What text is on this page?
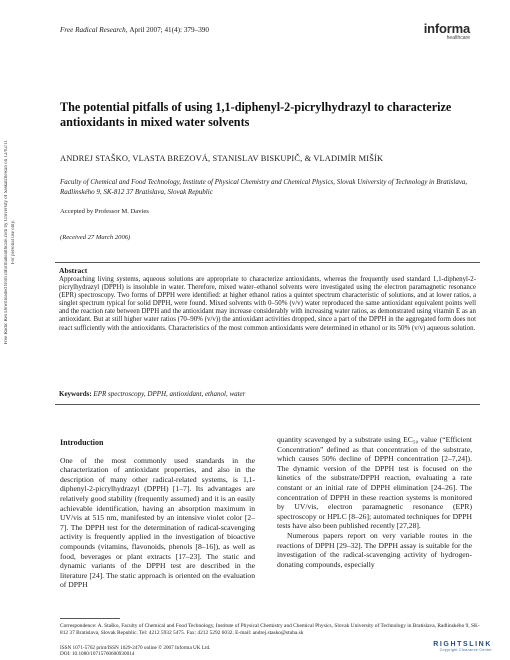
Free Radical Research, April 2007; 41(4): 379–390	informa
healthcare
Free Radic Res Downloaded from informahealthcare.com by University of Saskatchewan on 12/02/11 For personal use only.
The potential pitfalls of using 1,1-diphenyl-2-picrylhydrazyl to characterize antioxidants in mixed water solvents
ANDREJ STAŠKO, VLASTA BREZOVÁ, STANISLAV BISKUPIČ, & VLADIMÍR MIŠÍK
Faculty of Chemical and Food Technology, Institute of Physical Chemistry and Chemical Physics, Slovak University of Technology in Bratislava, Radlinského 9, SK-812 37 Bratislava, Slovak Republic
Accepted by Professor M. Davies
(Received 27 March 2006)
Abstract

Approaching living systems, aqueous solutions are appropriate to characterize antioxidants, whereas the frequently used standard 1,1-diphenyl-2-picrylhydrazyl (DPPH) is insoluble in water. Therefore, mixed water–ethanol solvents were investigated using the electron paramagnetic resonance (EPR) spectroscopy. Two forms of DPPH were identified: at higher ethanol ratios a quintet spectrum characteristic of solutions, and at lower ratios, a singlet spectrum typical for solid DPPH, were found. Mixed solvents with 0–50% (v/v) water reproduced the same antioxidant equivalent points well and the reaction rate between DPPH and the antioxidant may increase considerably with increasing water ratios, as demonstrated using vitamin E as an antioxidant. But at still higher water ratios (70–90% (v/v)) the antioxidant activities dropped, since a part of the DPPH in the aggregated form does not react sufficiently with the antioxidants. Characteristics of the most common antioxidants were determined in ethanol or its 50% (v/v) aqueous solution.

Keywords: EPR spectroscopy, DPPH, antioxidant, ethanol, water
Introduction

One of the most commonly used standards in the characterization of antioxidant properties, and also in the description of many other radical-related systems, is 1,1-diphenyl-2-picrylhydrazyl (DPPH) [1–7]. Its advantages are relatively good stability (frequently assumed) and it is an easily achievable identification, having an absorption maximum in UV/vis at 515 nm, manifested by an intensive violet color [2–7]. The DPPH test for the determination of radical-scavenging activity is frequently applied in the investigation of bioactive compounds (vitamins, flavonoids, phenols [8–16]), as well as food, beverages or plant extracts [17–23]. The static and dynamic variants of the DPPH test are described in the literature [24]. The static approach is oriented on the evaluation of DPPH

quantity scavenged by a substrate using EC₅₀ value (“Efficient Concentration” defined as that concentration of the substrate, which causes 50% decline of DPPH concentration [2–7,24]). The dynamic version of the DPPH test is focused on the kinetics of the substrate/DPPH reaction, evaluating a rate constant or an initial rate of DPPH elimination [24–26]. The concentration of DPPH in these reaction systems is monitored by UV/vis, electron paramagnetic resonance (EPR) spectroscopy or HPLC [8–26]; automated techniques for DPPH tests have also been published recently [27,28].

Numerous papers report on very variable routes in the reactions of DPPH [29–32]. The DPPH assay is suitable for the investigation of the radical-scavenging activity of hydrogen-donating compounds, especially

Correspondence: A. Staško, Faculty of Chemical and Food Technology, Institute of Physical Chemistry and Chemical Physics, Slovak University of Technology in Bratislava, Radlinského 9, SK-812 37 Bratislava, Slovak Republic. Tel: 4212 5932 5475. Fax: 4212 5292 6032. E-mail: andrej.stasko@stuba.sk
ISSN 1071-5762 print/ISSN 1029-2470 online © 2007 Informa UK Ltd.
DOI: 10.1080/10715760600930014
RIGHTSLINK
Copyright Clearance Center
